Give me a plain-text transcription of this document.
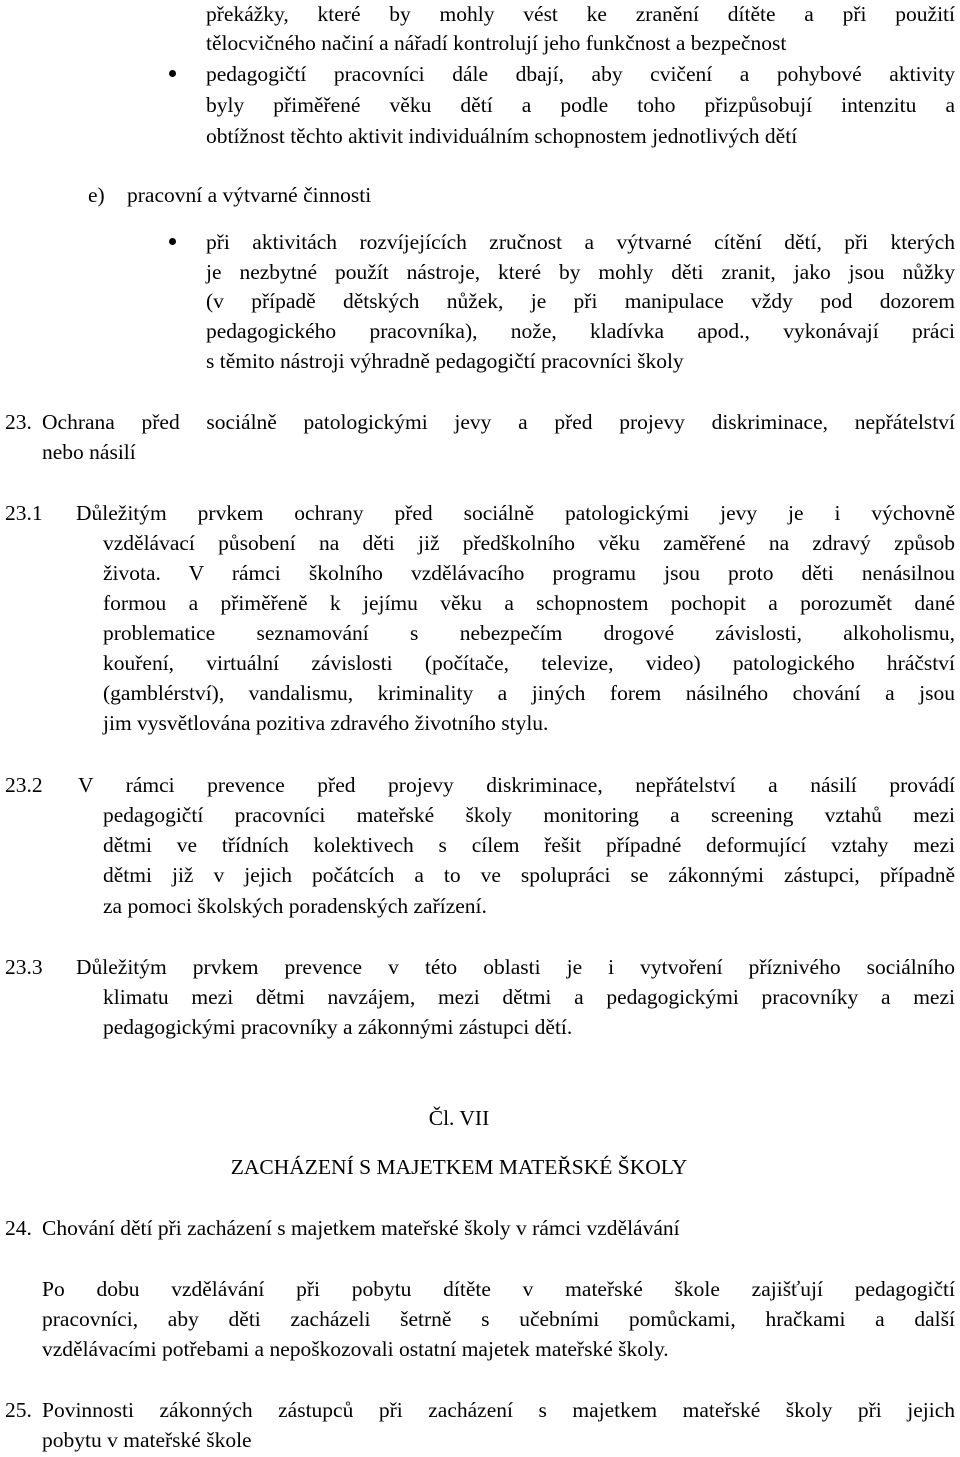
překážky, které by mohly vést ke zranění dítěte a při použití
tělocvičného načiní a nářadí kontrolují jeho funkčnost a bezpečnost
pedagogičtí pracovníci dále dbají, aby cvičení a pohybové aktivity
byly přiměřené věku dětí a podle toho přizpůsobují intenzitu a
obtížnost těchto aktivit individuálním schopnostem jednotlivých dětí
e) pracovní a výtvarné činnosti
při aktivitách rozvíjejících zručnost a výtvarné cítění dětí, při kterých
je nezbytné použít nástroje, které by mohly děti zranit, jako jsou nůžky
(v případě dětských nůžek, je při manipulace vždy pod dozorem
pedagogického pracovníka), nože, kladívka apod., vykonávají práci
s těmito nástroji výhradně pedagogičtí pracovníci školy
23. Ochrana před sociálně patologickými jevy a před projevy diskriminace, nepřátelství
nebo násilí
23.1 Důležitým prvkem ochrany před sociálně patologickými jevy je i výchovně
vzdělávací působení na děti již předškolního věku zaměřené na zdravý způsob
života. V rámci školního vzdělávacího programu jsou proto děti nenásilnou
formou a přiměřeně k jejímu věku a schopnostem pochopit a porozumět dané
problematice seznamování s nebezpečím drogové závislosti, alkoholismu,
kouření, virtuální závislosti (počítače, televize, video) patologického hráčství
(gamblérství), vandalismu, kriminality a jiných forem násilného chování a jsou
jim vysvětlována pozitiva zdravého životního stylu.
23.2 V rámci prevence před projevy diskriminace, nepřátelství a násilí provádí
pedagogičtí pracovníci mateřské školy monitoring a screening vztahů mezi
dětmi ve třídních kolektivech s cílem řešit případné deformující vztahy mezi
dětmi již v jejich počátcích a to ve spolupráci se zákonnými zástupci, případně
za pomoci školských poradenských zařízení.
23.3 Důležitým prvkem prevence v této oblasti je i vytvoření příznivého sociálního
klimatu mezi dětmi navzájem, mezi dětmi a pedagogickými pracovníky a mezi
pedagogickými pracovníky a zákonnými zástupci dětí.
Čl. VII
ZACHÁZENÍ S MAJETKEM MATEŘSKÉ ŠKOLY
24. Chování dětí při zacházení s majetkem mateřské školy v rámci vzdělávání
Po dobu vzdělávání při pobytu dítěte v mateřské škole zajišťují pedagogičtí
pracovníci, aby děti zacházeli šetrně s učebními pomůckami, hračkami a další
vzdělávacími potřebami a nepoškozovali ostatní majetek mateřské školy.
25. Povinnosti zákonných zástupců při zacházení s majetkem mateřské školy při jejich
pobytu v mateřské škole
